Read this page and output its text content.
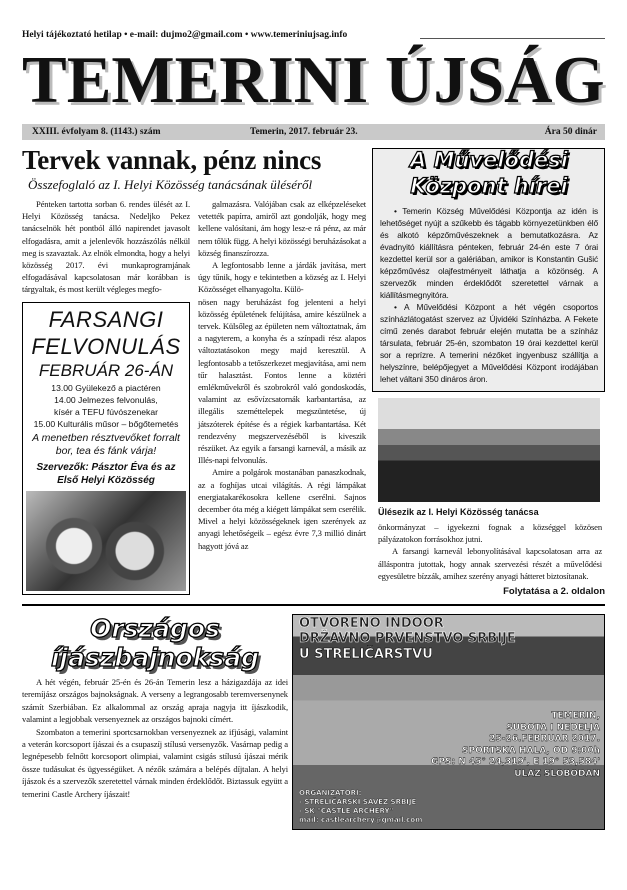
Helyi tájékoztató hetilap • e-mail: dujmo2@gmail.com • www.temeriniujsag.info
TEMERINI ÚJSÁG
XXIII. évfolyam 8. (1143.) szám	Temerin, 2017. február 23.	Ára 50 dinár
Tervek vannak, pénz nincs
Összefoglaló az I. Helyi Közösség tanácsának üléséről

Pénteken tartotta sorban 6. rendes ülését az I. Helyi Közösség tanácsa. Nedeljko Pekez tanácselnök hét pontból álló napirendet javasolt elfogadásra, amit a jelenlevők hozzászólás nélkül meg is szavaztak. Az elnök elmondta, hogy a helyi közösség 2017. évi munkaprogramjának elfogadásával kapcsolatosan már korábban is tárgyaltak, és most került végleges megfo-

FARSANGI
FELVONULÁS
FEBRUÁR 26-ÁN
13.00 Gyülekező a piactéren
14.00 Jelmezes felvonulás,
kísér a TEFU fúvószenekar
15.00 Kulturális műsor – bőgőtemetés
A menetben résztvevőket forralt bor, tea és fánk várja!
Szervezők: Pásztor Éva és az Első Helyi Közösség

galmazásra. Valójában csak az elképzeléseket vetették papírra, amiről azt gondolják, hogy meg kellene valósítani, ám hogy lesz-e rá pénz, az már nem tőlük függ. A helyi közösségi beruházásokat a község finanszírozza.

A legfontosabb lenne a járdák javítása, mert úgy tűnik, hogy e tekintetben a község az I. Helyi Közösséget elhanyagolta. Külö-

nösen nagy beruházást fog jelenteni a helyi közösség épületének felújítása, amire készülnek a tervek. Külsőleg az épületen nem változtatnak, ám a nagyterem, a konyha és a színpadi rész alapos változtatásokon megy majd keresztül. A legfontosabb a tetőszerkezet megjavítása, ami nem tűr halasztást. Fontos lenne a köztéri emlékművekről és szobrokról való gondoskodás, valamint az esővízcsatornák karbantartása, az illegális szeméttelepek megszüntetése, új játszóterek építése és a régiek karbantartása. Két rendezvény megszervezéséből is kiveszik részüket. Az egyik a farsangi karnevál, a másik az Illés-napi felvonulás.

Amire a polgárok mostanában panaszkodnak, az a foghíjas utcai világítás. A régi lámpákat energiatakarékosokra kellene cserélni. Sajnos december óta még a kiégett lámpákat sem cserélik. Mivel a helyi közösségeknek igen szerények az anyagi lehetőségeik – egész évre 7,3 millió dinárt hagyott jóvá az

A Művelődési
Központ hírei

• Temerin Község Művelődési Központja az idén is lehetőséget nyújt a szűkebb és tágabb környezetünkben élő és alkotó képzőművészeknek a bemutatkozásra. Az évadnyitó kiállításra pénteken, február 24-én este 7 órai kezdettel kerül sor a galériában, amikor is Konstantin Gušić képzőművész olajfestményeit láthatja a közönség. A szervezők minden érdeklődőt szeretettel várnak a kiállításmegnyitóra.

• A Művelődési Központ a hét végén csoportos színházlátogatást szervez az Újvidéki Színházba. A Fekete című zenés darabot február elején mutatta be a színház társulata, február 25-én, szombaton 19 órai kezdettel kerül sor a reprízre. A temerini nézőket ingyenbusz szállítja a helyszínre, belépőjegyet a Művelődési Központ irodájában lehet váltani 350 dináros áron.

Ülésezik az I. Helyi Közösség tanácsa

önkormányzat – igyekezni fognak a községgel közösen pályázatokon forrásokhoz jutni.

A farsangi karnevál lebonyolításával kapcsolatosan arra az álláspontra jutottak, hogy annak szervezési részét a művelődési egyesületre bízzák, amihez szerény anyagi hátteret biztosítanak.

Folytatása a 2. oldalon
Országos
íjászbajnokság

A hét végén, február 25-én és 26-án Temerin lesz a házigazdája az idei teremíjász országos bajnokságnak. A verseny a legrangosabb teremversenynek számít Szerbiában. Ez alkalommal az ország apraja nagyja itt íjászkodik, valamint a legjobbak versenyeznek az országos bajnoki címért.

Szombaton a temerini sportcsarnokban versenyeznek az ifjúsági, valamint a veterán korcsoport íjászai és a csupaszíj stílusú versenyzők. Vasárnap pedig a legnépesebb felnőtt korcsoport olimpiai, valamint csigás stílusú íjászai mérik össze tudásukat és ügyességüket. A nézők számára a belépés díjtalan. A helyi íjászok és a szervezők szeretettel várnak minden érdeklődőt. Biztassuk együtt a temerini Castle Archery íjászait!

OTVORENO INDOOR
DRŽAVNO PRVENSTVO SRBIJE
U STRELIČARSTVU
TEMERIN,
SUBOTA I NEDELJA
25-26.FEBRUAR 2017.
SPORTSKA HALA, OD 9:00h
GPS: N 45° 24,319', E 19° 53,584'
ULAZ SLOBODAN
ORGANIZATORI:
- STRELIČARSKI SAVEZ SRBIJE
- SK "CASTLE ARCHERY"
mail: castlearchery@gmail.com
